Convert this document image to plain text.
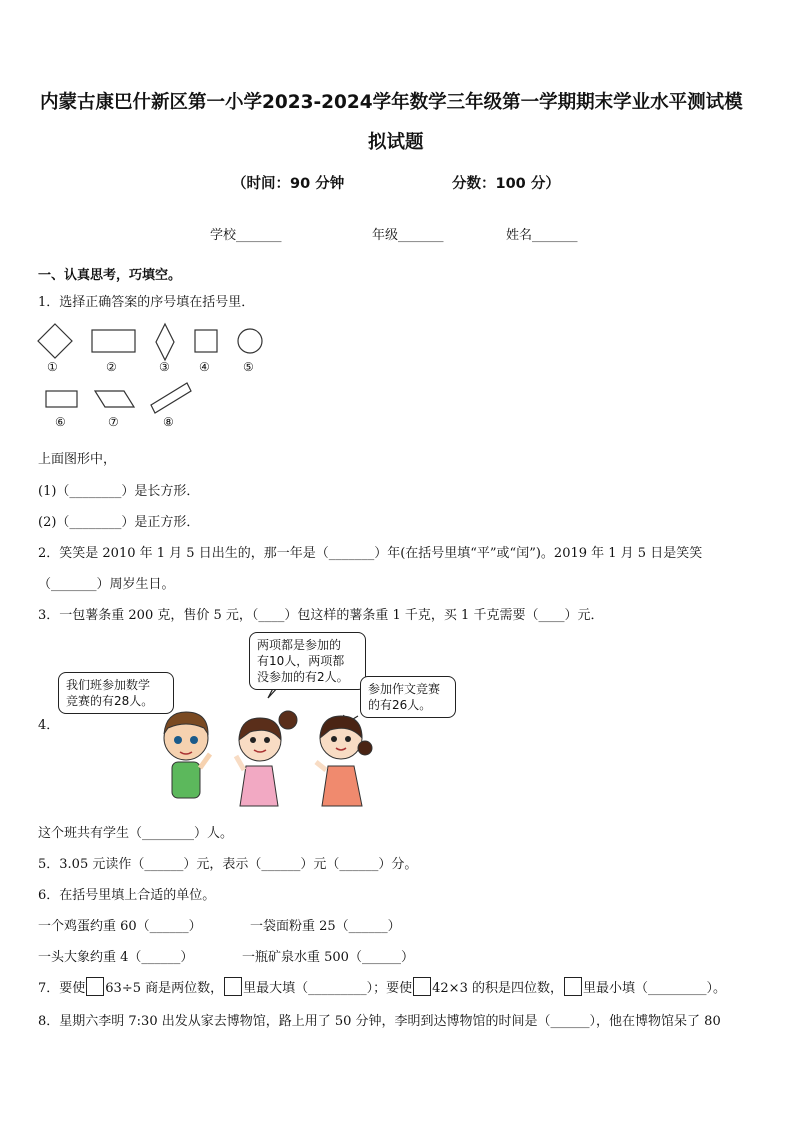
内蒙古康巴什新区第一小学2023-2024学年数学三年级第一学期期末学业水平测试模
拟试题
（时间：90 分钟	分数：100 分）
学校_______	年级_______	姓名_______
一、认真思考，巧填空。
1．选择正确答案的序号填在括号里．
①	②	③ ④	⑤
⑥	⑦	⑧
上面图形中，
(1)（________）是长方形．
(2)（________）是正方形．
2．笑笑是 2010 年 1 月 5 日出生的，那一年是（_______）年(在括号里填“平”或“闰”)。2019 年 1 月 5 日是笑笑
（_______）周岁生日。
3．一包薯条重 200 克，售价 5 元，（____）包这样的薯条重 1 千克，买 1 千克需要（____）元．
4．
我们班参加数学
竞赛的有28人。
两项都是参加的
有10人，两项都
没参加的有2人。
参加作文竞赛
的有26人。
这个班共有学生（________）人。
5．3.05 元读作（______）元，表示（______）元（______）分。
6．在括号里填上合适的单位。
一个鸡蛋约重 60（______）	一袋面粉重 25（______）
一头大象约重 4（______）	一瓶矿泉水重 500（______）
7．要使 63÷5 商是两位数， 里最大填（_________）；要使 42×3 的积是四位数， 里最小填（_________）。
8．星期六李明 7:30 出发从家去博物馆，路上用了 50 分钟，李明到达博物馆的时间是（______），他在博物馆呆了 80
